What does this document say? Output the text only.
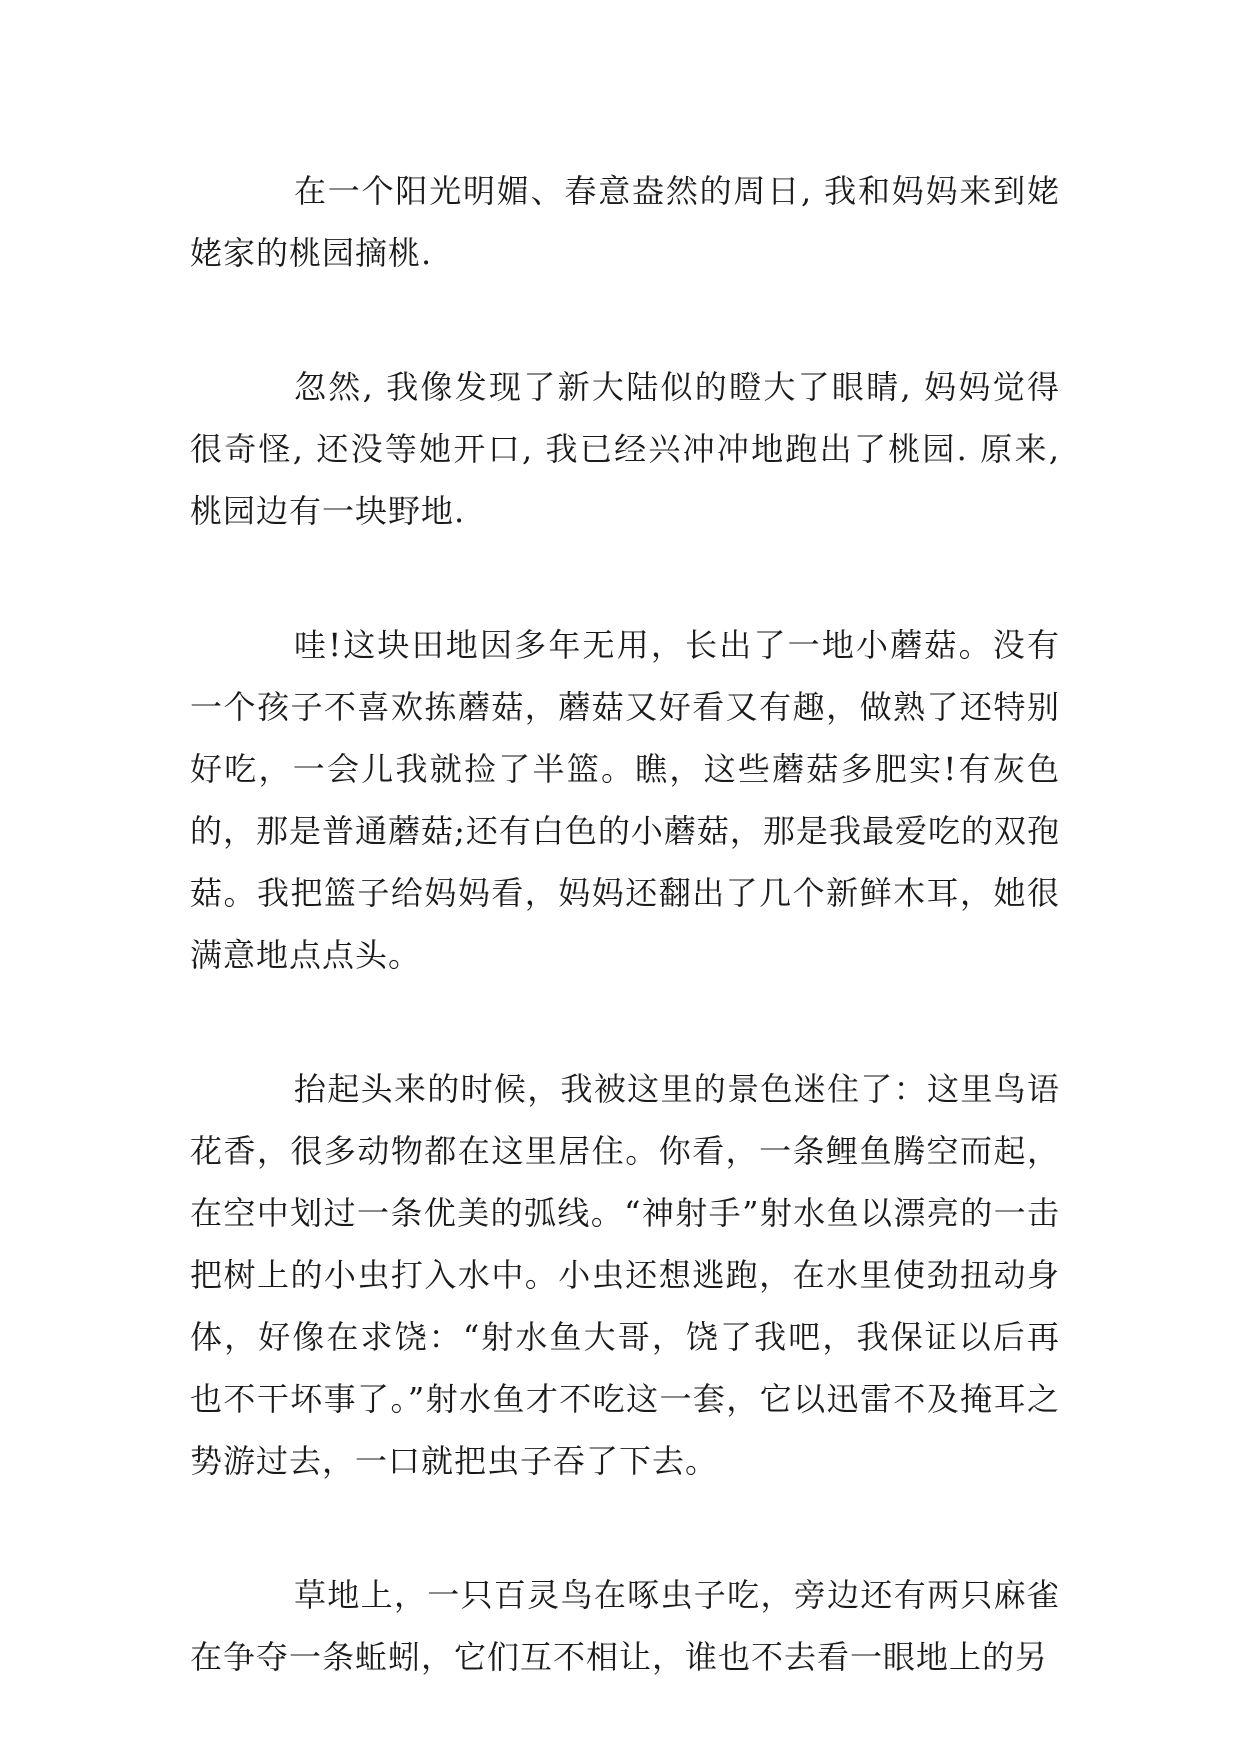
在一个阳光明媚、春意盎然的周日, 我和妈妈来到姥姥家的桃园摘桃.

忽然, 我像发现了新大陆似的瞪大了眼睛, 妈妈觉得很奇怪, 还没等她开口, 我已经兴冲冲地跑出了桃园. 原来, 桃园边有一块野地.

哇!这块田地因多年无用，长出了一地小蘑菇。没有一个孩子不喜欢拣蘑菇，蘑菇又好看又有趣，做熟了还特别好吃，一会儿我就捡了半篮。瞧，这些蘑菇多肥实!有灰色的，那是普通蘑菇;还有白色的小蘑菇，那是我最爱吃的双孢菇。我把篮子给妈妈看，妈妈还翻出了几个新鲜木耳，她很满意地点点头。

抬起头来的时候，我被这里的景色迷住了：这里鸟语花香，很多动物都在这里居住。你看，一条鲤鱼腾空而起，在空中划过一条优美的弧线。“神射手”射水鱼以漂亮的一击把树上的小虫打入水中。小虫还想逃跑，在水里使劲扭动身体，好像在求饶：“射水鱼大哥，饶了我吧，我保证以后再也不干坏事了。”射水鱼才不吃这一套，它以迅雷不及掩耳之势游过去，一口就把虫子吞了下去。

草地上，一只百灵鸟在啄虫子吃，旁边还有两只麻雀在争夺一条蚯蚓，它们互不相让，谁也不去看一眼地上的另
